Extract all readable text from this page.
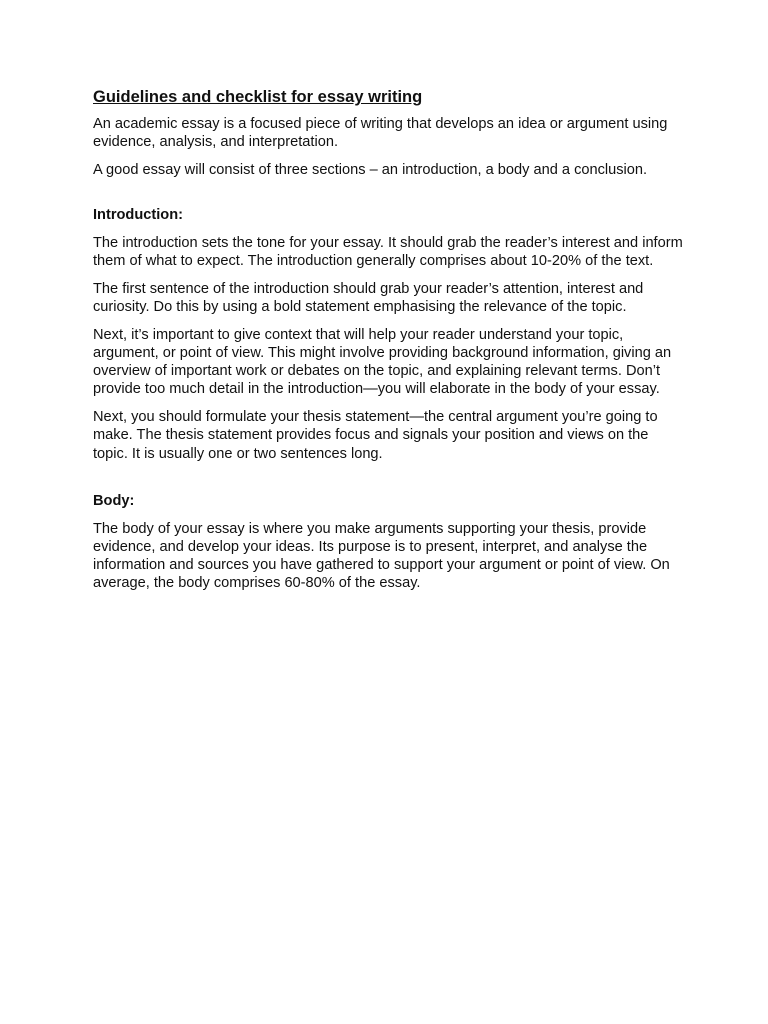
Guidelines and checklist for essay writing

An academic essay is a focused piece of writing that develops an idea or argument using evidence, analysis, and interpretation.

A good essay will consist of three sections – an introduction, a body and a conclusion.

Introduction:

The introduction sets the tone for your essay. It should grab the reader’s interest and inform them of what to expect. The introduction generally comprises about 10-20% of the text.

The first sentence of the introduction should grab your reader’s attention, interest and curiosity. Do this by using a bold statement emphasising the relevance of the topic.

Next, it’s important to give context that will help your reader understand your topic, argument, or point of view. This might involve providing background information, giving an overview of important work or debates on the topic, and explaining relevant terms. Don’t provide too much detail in the introduction—you will elaborate in the body of your essay.

Next, you should formulate your thesis statement—the central argument you’re going to make. The thesis statement provides focus and signals your position and views on the topic. It is usually one or two sentences long.

Body:

The body of your essay is where you make arguments supporting your thesis, provide evidence, and develop your ideas. Its purpose is to present, interpret, and analyse the information and sources you have gathered to support your argument or point of view. On average, the body comprises 60-80% of the essay.
